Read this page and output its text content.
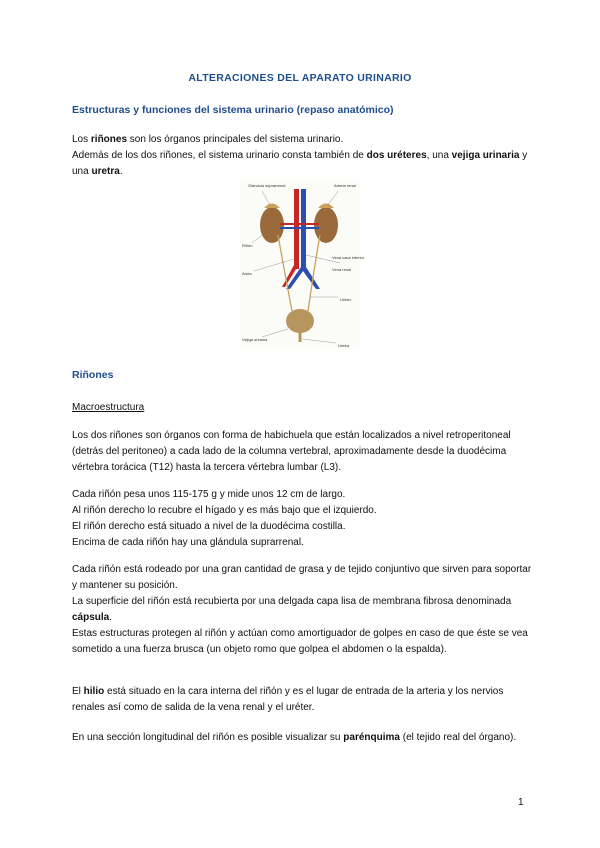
ALTERACIONES DEL APARATO URINARIO
Estructuras y funciones del sistema urinario (repaso anatómico)
Los riñones son los órganos principales del sistema urinario.
Además de los dos riñones, el sistema urinario consta también de dos uréteres, una vejiga urinaria y una uretra.
Glándula suprarrenal	Arteria renal
Riñón
Aorta
Vena cava inferior
Vena renal
Uréter
Vejiga urinaria
Uretra
Riñones
Macroestructura
Los dos riñones son órganos con forma de habichuela que están localizados a nivel retroperitoneal (detrás del peritoneo) a cada lado de la columna vertebral, aproximadamente desde la duodécima vértebra torácica (T12) hasta la tercera vértebra lumbar (L3).
Cada riñón pesa unos 115-175 g y mide unos 12 cm de largo.
Al riñón derecho lo recubre el hígado y es más bajo que el izquierdo.
El riñón derecho está situado a nivel de la duodécima costilla.
Encima de cada riñón hay una glándula suprarrenal.
Cada riñón está rodeado por una gran cantidad de grasa y de tejido conjuntivo que sirven para soportar y mantener su posición.
La superficie del riñón está recubierta por una delgada capa lisa de membrana fibrosa denominada cápsula.
Estas estructuras protegen al riñón y actúan como amortiguador de golpes en caso de que éste se vea sometido a una fuerza brusca (un objeto romo que golpea el abdomen o la espalda).
El hilio está situado en la cara interna del riñón y es el lugar de entrada de la arteria y los nervios renales así como de salida de la vena renal y el uréter.
En una sección longitudinal del riñón es posible visualizar su parénquima (el tejido real del órgano).
1
